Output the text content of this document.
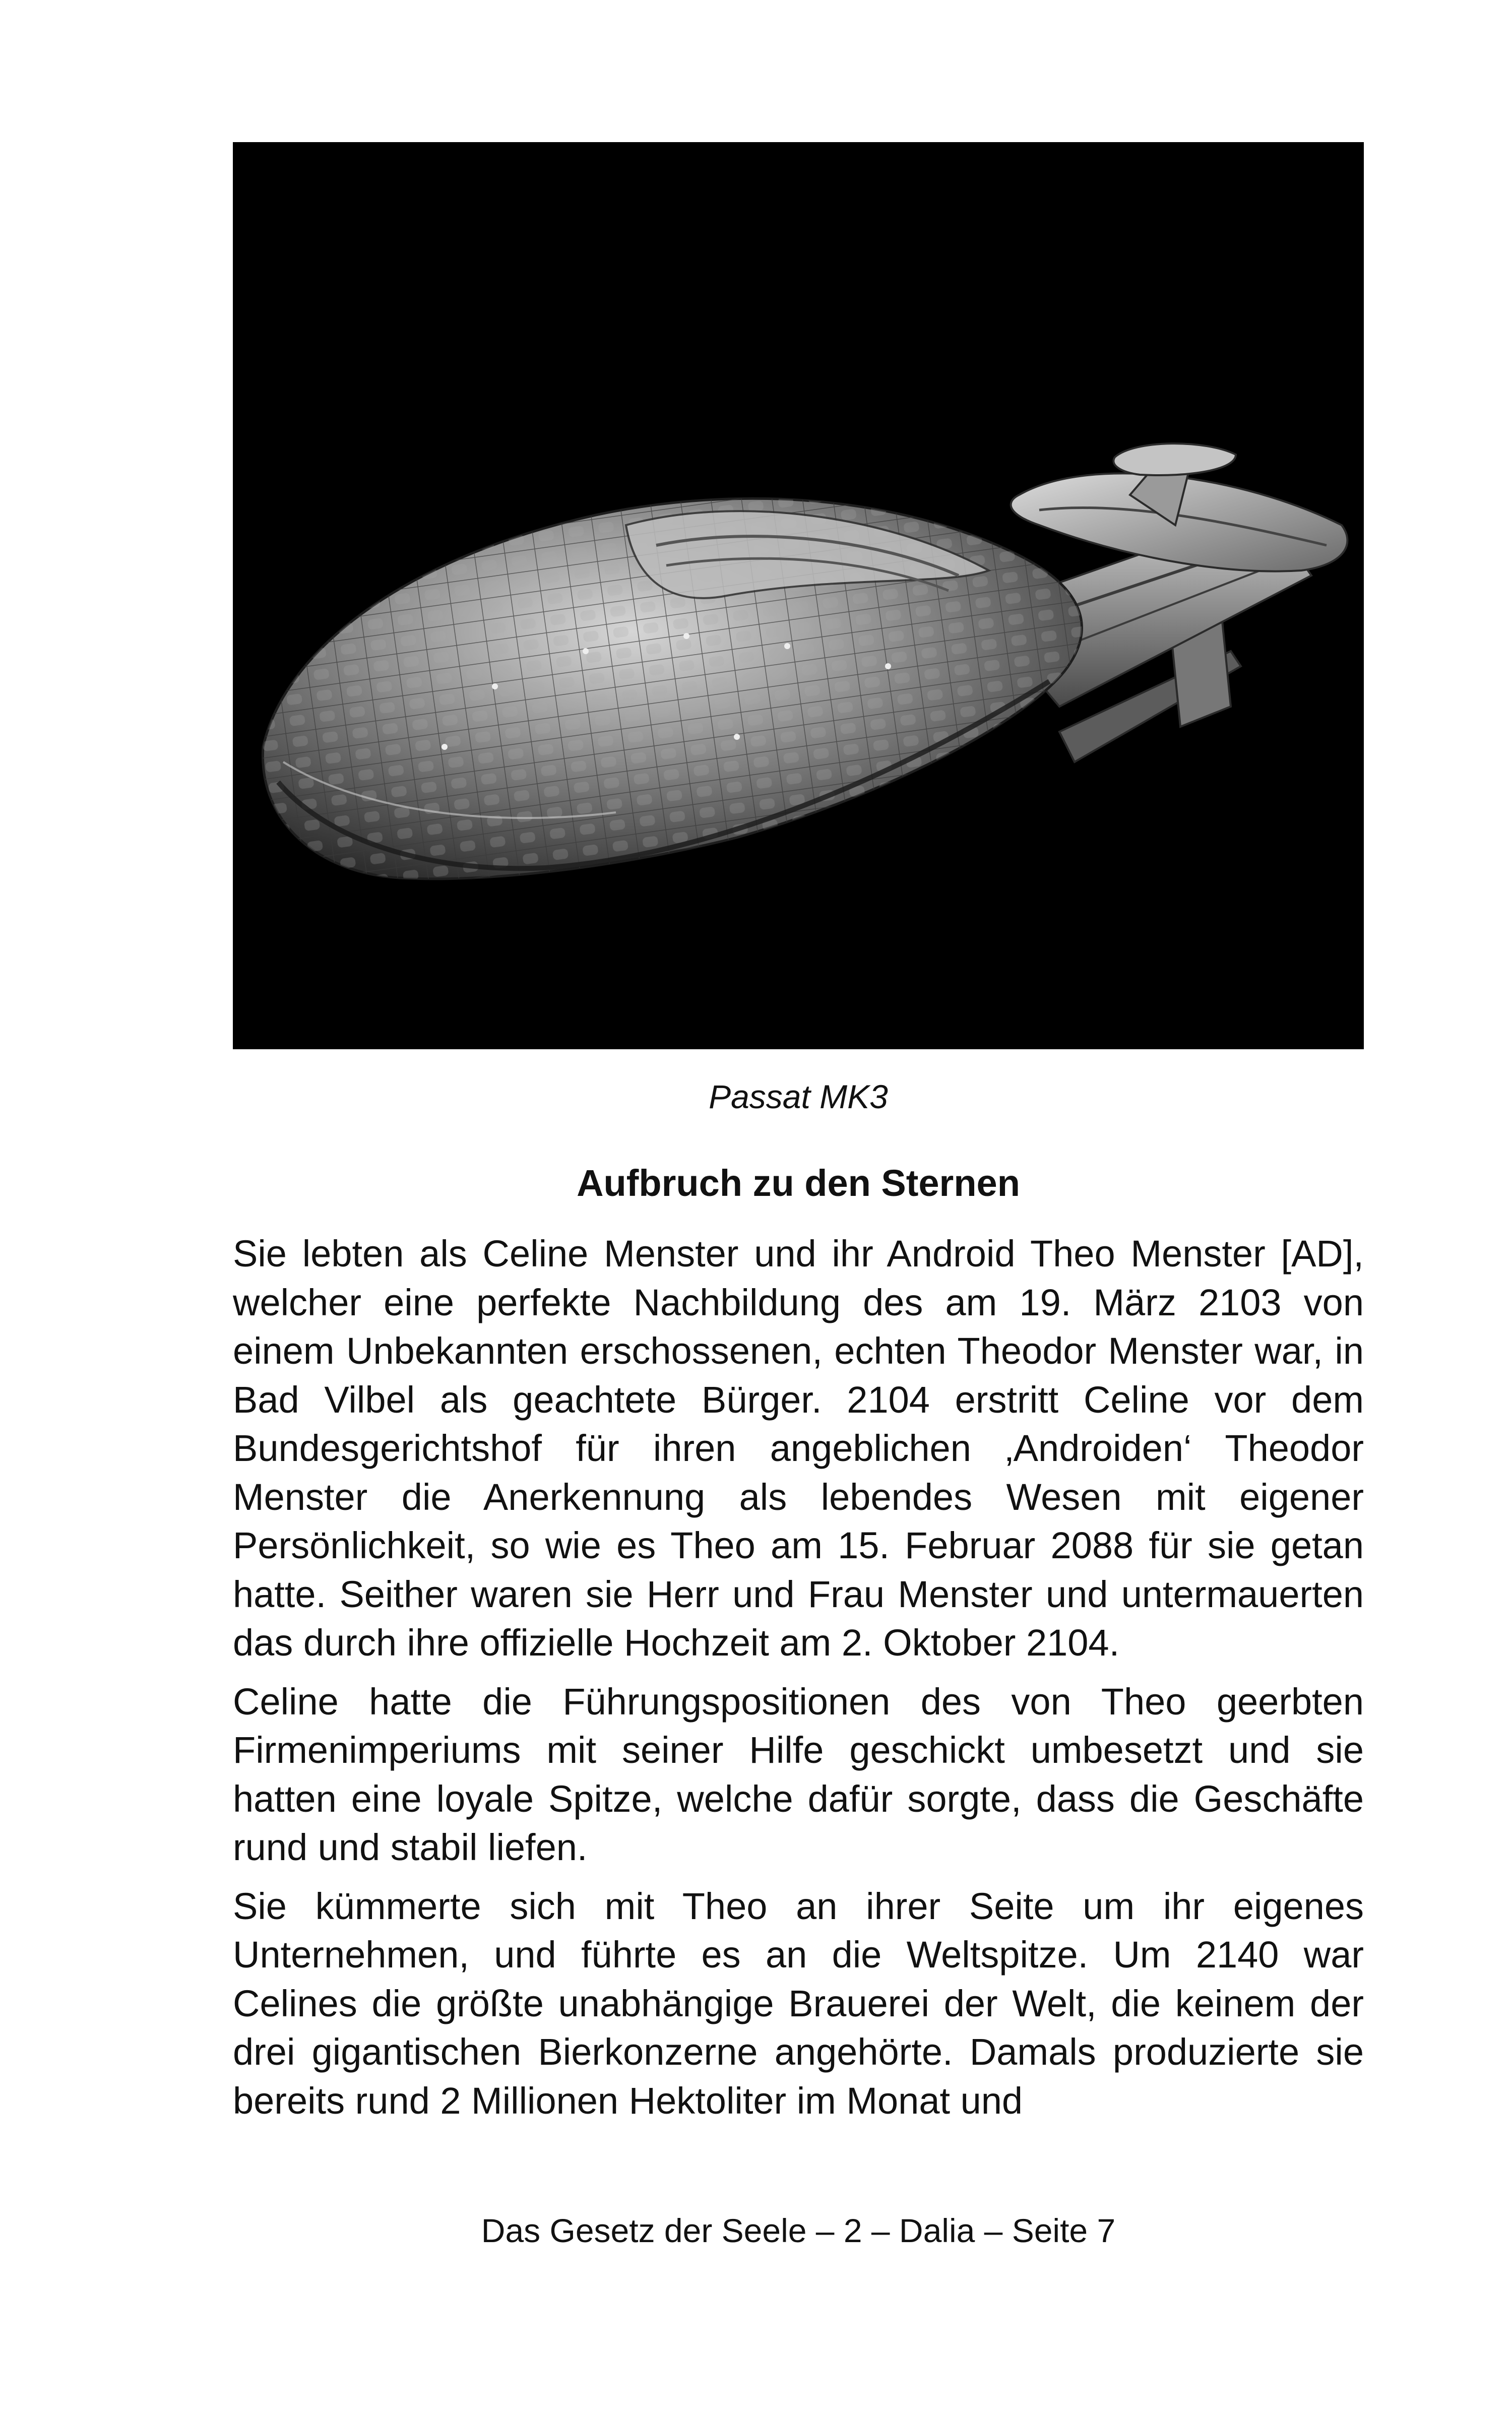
Passat MK3
Aufbruch zu den Sternen

Sie lebten als Celine Menster und ihr Android Theo Menster [AD], welcher eine perfekte Nachbildung des am 19. März 2103 von einem Unbekannten erschossenen, echten Theodor Menster war, in Bad Vilbel als geachtete Bürger. 2104 erstritt Celine vor dem Bundesgerichtshof für ihren angeblichen ‚Androiden‘ Theodor Menster die Anerkennung als lebendes Wesen mit eigener Persönlichkeit, so wie es Theo am 15. Februar 2088 für sie getan hatte. Seither waren sie Herr und Frau Menster und untermauerten das durch ihre offizielle Hochzeit am 2. Oktober 2104.

Celine hatte die Führungspositionen des von Theo geerbten Firmenimperiums mit seiner Hilfe geschickt umbesetzt und sie hatten eine loyale Spitze, welche dafür sorgte, dass die Geschäfte rund und stabil liefen.

Sie kümmerte sich mit Theo an ihrer Seite um ihr eigenes Unternehmen, und führte es an die Weltspitze. Um 2140 war Celines die größte unabhängige Brauerei der Welt, die keinem der drei gigantischen Bierkonzerne angehörte. Damals produzierte sie bereits rund 2 Millionen Hektoliter im Monat und

Das Gesetz der Seele – 2 – Dalia – Seite 7
